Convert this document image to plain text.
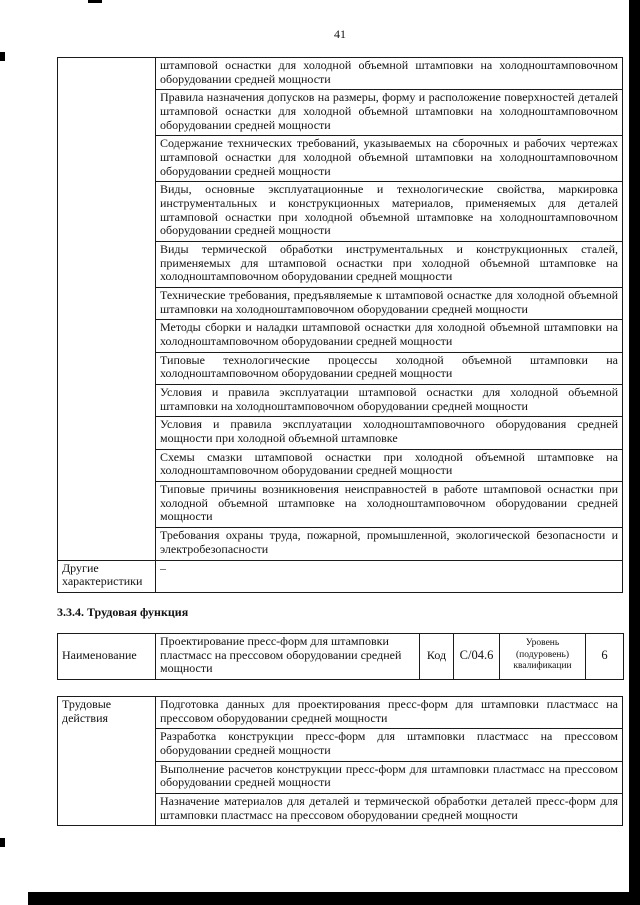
41
	штамповой оснастки для холодной объемной штамповки на холодноштамповочном оборудовании средней мощности
	Правила назначения допусков на размеры, форму и расположение поверхностей деталей штамповой оснастки для холодной объемной штамповки на холодноштамповочном оборудовании средней мощности
	Содержание технических требований, указываемых на сборочных и рабочих чертежах штамповой оснастки для холодной объемной штамповки на холодноштамповочном оборудовании средней мощности
	Виды, основные эксплуатационные и технологические свойства, маркировка инструментальных и конструкционных материалов, применяемых для деталей штамповой оснастки при холодной объемной штамповке на холодноштамповочном оборудовании средней мощности
	Виды термической обработки инструментальных и конструкционных сталей, применяемых для штамповой оснастки при холодной объемной штамповке на холодноштамповочном оборудовании средней мощности
	Технические требования, предъявляемые к штамповой оснастке для холодной объемной штамповки на холодноштамповочном оборудовании средней мощности
	Методы сборки и наладки штамповой оснастки для холодной объемной штамповки на холодноштамповочном оборудовании средней мощности
	Типовые технологические процессы холодной объемной штамповки на холодноштамповочном оборудовании средней мощности
	Условия и правила эксплуатации штамповой оснастки для холодной объемной штамповки на холодноштамповочном оборудовании средней мощности
	Условия и правила эксплуатации холодноштамповочного оборудования средней мощности при холодной объемной штамповке
	Схемы смазки штамповой оснастки при холодной объемной штамповке на холодноштамповочном оборудовании средней мощности
	Типовые причины возникновения неисправностей в работе штамповой оснастки при холодной объемной штамповке на холодноштамповочном оборудовании средней мощности
	Требования охраны труда, пожарной, промышленной, экологической безопасности и электробезопасности
Другие характеристики	–
3.3.4. Трудовая функция
Наименование	Проектирование пресс-форм для штамповки пластмасс на прессовом оборудовании средней мощности	Код	С/04.6	Уровень (подуровень) квалификации	6
Трудовые действия	Подготовка данных для проектирования пресс-форм для штамповки пластмасс на прессовом оборудовании средней мощности
Разработка конструкции пресс-форм для штамповки пластмасс на прессовом оборудовании средней мощности
Выполнение расчетов конструкции пресс-форм для штамповки пластмасс на прессовом оборудовании средней мощности
Назначение материалов для деталей и термической обработки деталей пресс-форм для штамповки пластмасс на прессовом оборудовании средней мощности
